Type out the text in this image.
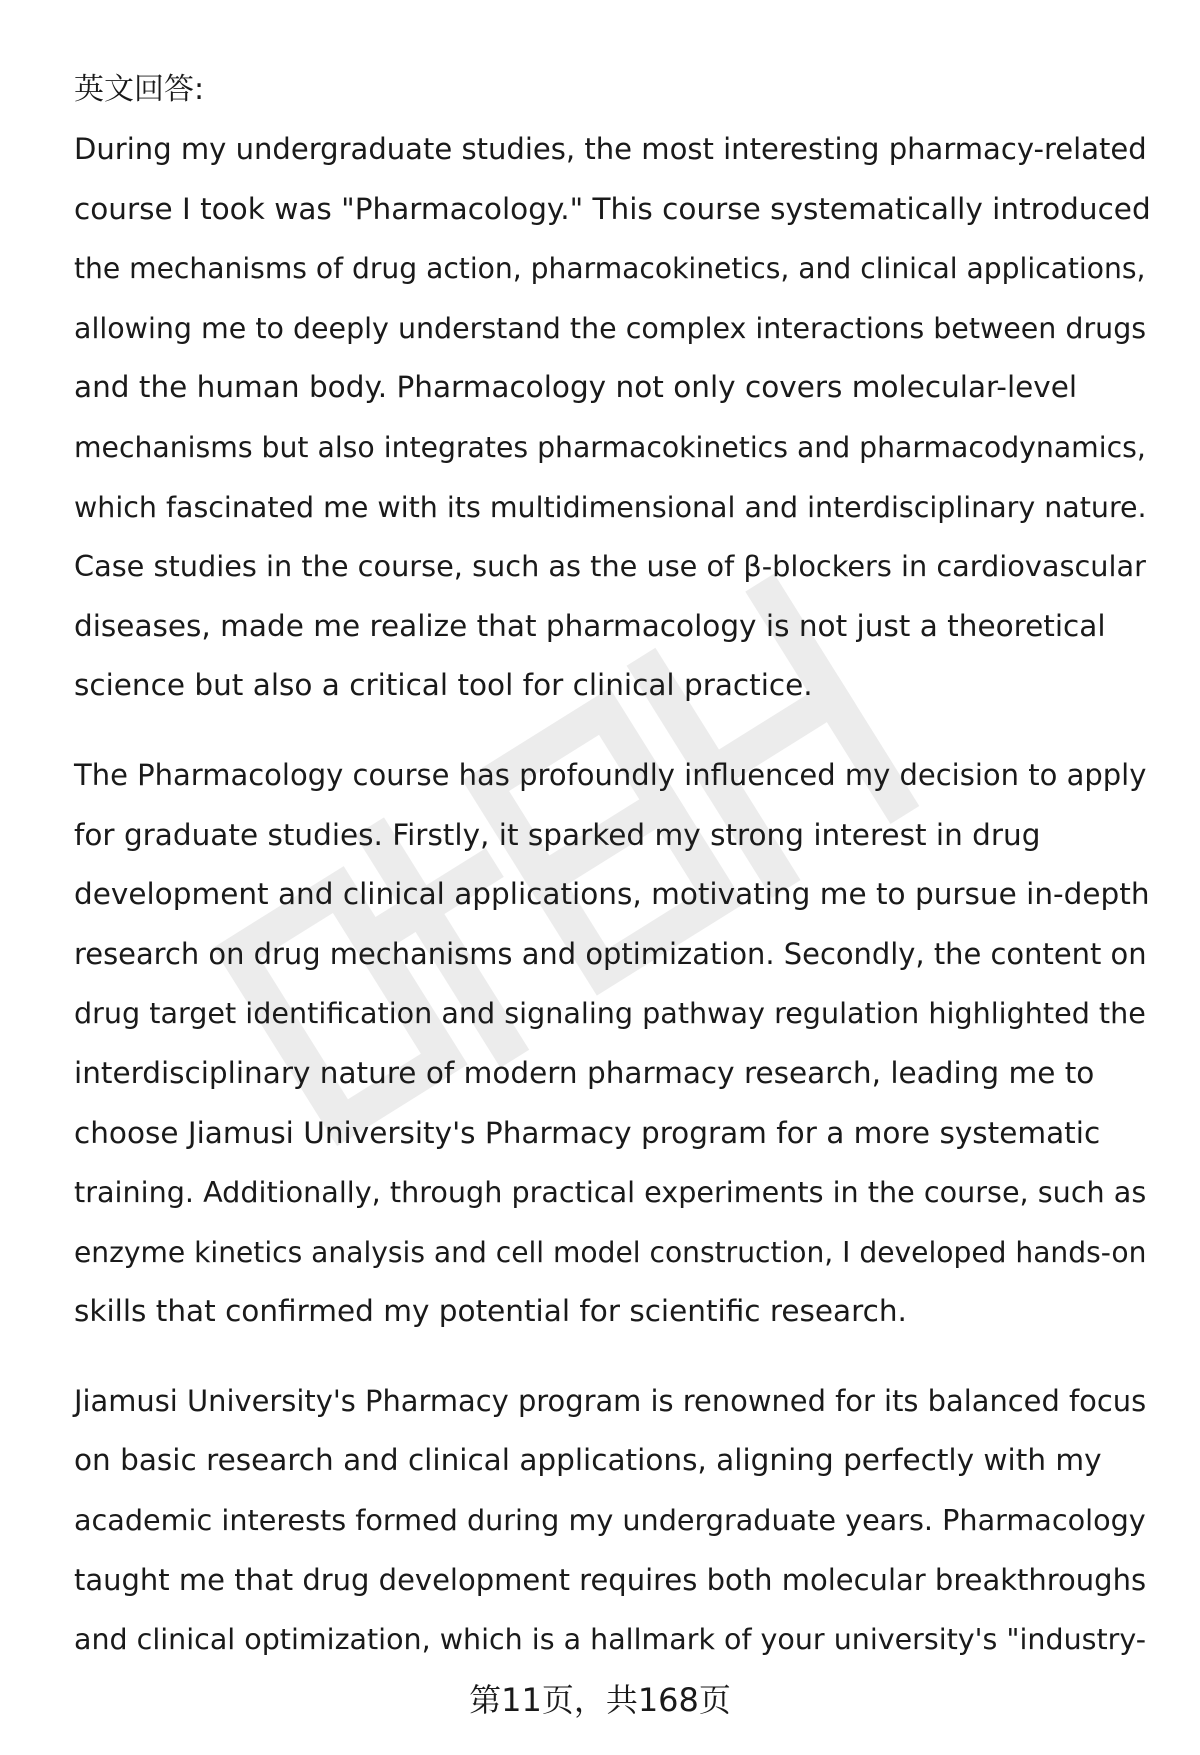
英文回答:

During my undergraduate studies, the most interesting pharmacy-related
course I took was "Pharmacology." This course systematically introduced
the mechanisms of drug action, pharmacokinetics, and clinical applications,
allowing me to deeply understand the complex interactions between drugs
and the human body. Pharmacology not only covers molecular-level
mechanisms but also integrates pharmacokinetics and pharmacodynamics,
which fascinated me with its multidimensional and interdisciplinary nature.
Case studies in the course, such as the use of β-blockers in cardiovascular
diseases, made me realize that pharmacology is not just a theoretical
science but also a critical tool for clinical practice.
The Pharmacology course has profoundly influenced my decision to apply
for graduate studies. Firstly, it sparked my strong interest in drug
development and clinical applications, motivating me to pursue in-depth
research on drug mechanisms and optimization. Secondly, the content on
drug target identification and signaling pathway regulation highlighted the
interdisciplinary nature of modern pharmacy research, leading me to
choose Jiamusi University's Pharmacy program for a more systematic
training. Additionally, through practical experiments in the course, such as
enzyme kinetics analysis and cell model construction, I developed hands-on
skills that confirmed my potential for scientific research.
Jiamusi University's Pharmacy program is renowned for its balanced focus
on basic research and clinical applications, aligning perfectly with my
academic interests formed during my undergraduate years. Pharmacology
taught me that drug development requires both molecular breakthroughs
and clinical optimization, which is a hallmark of your university's "industry-
第11页，共168页
